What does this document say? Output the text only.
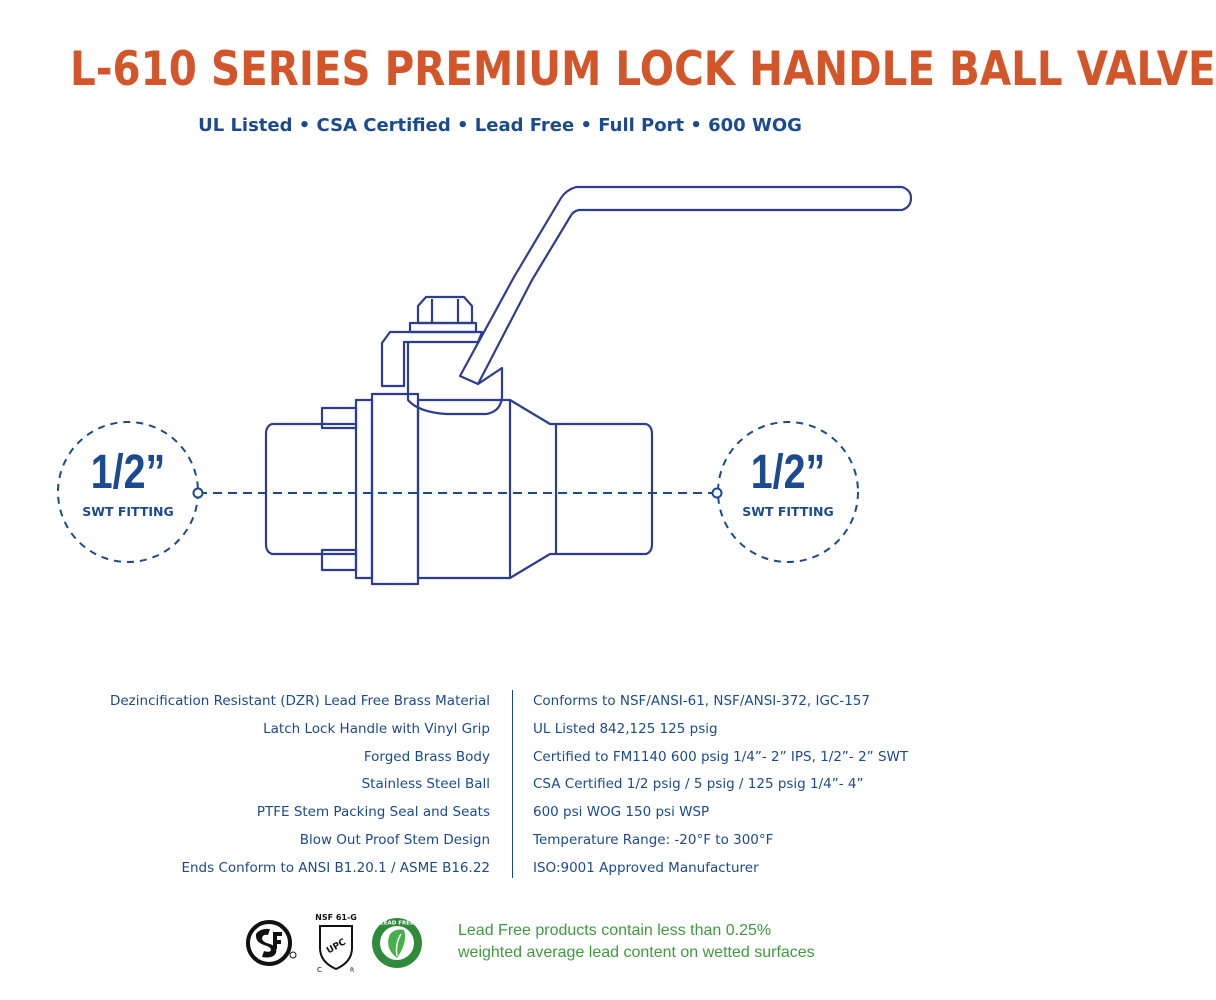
L-610 SERIES PREMIUM LOCK HANDLE BALL VALVE
UL Listed • CSA Certified • Lead Free • Full Port • 600 WOG
1/2”
SWT FITTING
1/2”
SWT FITTING
Dezincification Resistant (DZR) Lead Free Brass Material
Latch Lock Handle with Vinyl Grip
Forged Brass Body
Stainless Steel Ball
PTFE Stem Packing Seal and Seats
Blow Out Proof Stem Design
Ends Conform to ANSI B1.20.1 / ASME B16.22
Conforms to NSF/ANSI-61, NSF/ANSI-372, IGC-157
UL Listed 842,125 125 psig
Certified to FM1140 600 psig 1/4”- 2” IPS, 1/2”- 2” SWT
CSA Certified 1/2 psig / 5 psig / 125 psig 1/4”- 4”
600 psi WOG 150 psi WSP
Temperature Range: -20°F to 300°F
ISO:9001 Approved Manufacturer
NSF 61-G
UPC
C	R
LEAD FREE	Lead Free products contain less than 0.25%
weighted average lead content on wetted surfaces
